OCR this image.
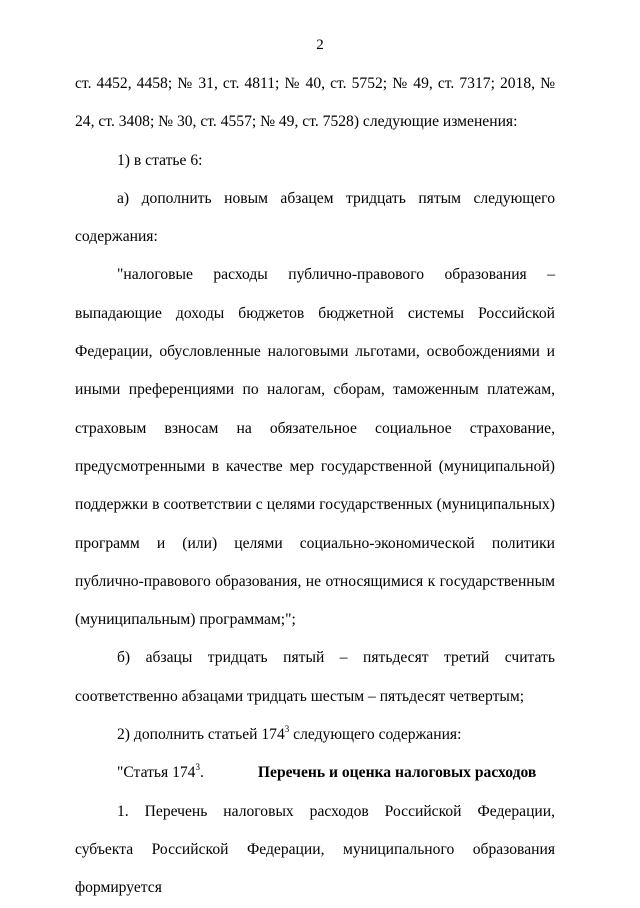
2

ст. 4452, 4458; № 31, ст. 4811; № 40, ст. 5752; № 49, ст. 7317; 2018, № 24, ст. 3408; № 30, ст. 4557; № 49, ст. 7528) следующие изменения:

1) в статье 6:

а) дополнить новым абзацем тридцать пятым следующего содержания:

"налоговые расходы публично-правового образования – выпадающие доходы бюджетов бюджетной системы Российской Федерации, обусловленные налоговыми льготами, освобождениями и иными преференциями по налогам, сборам, таможенным платежам, страховым взносам на обязательное социальное страхование, предусмотренными в качестве мер государственной (муниципальной) поддержки в соответствии с целями государственных (муниципальных) программ и (или) целями социально-экономической политики публично-правового образования, не относящимися к государственным (муниципальным) программам;";

б) абзацы тридцать пятый – пятьдесят третий считать соответственно абзацами тридцать шестым – пятьдесят четвертым;

2) дополнить статьей $174^3$ следующего содержания:

"Статья $174^3$.	Перечень и оценка налоговых расходов

1. Перечень налоговых расходов Российской Федерации, субъекта Российской Федерации, муниципального образования формируется
